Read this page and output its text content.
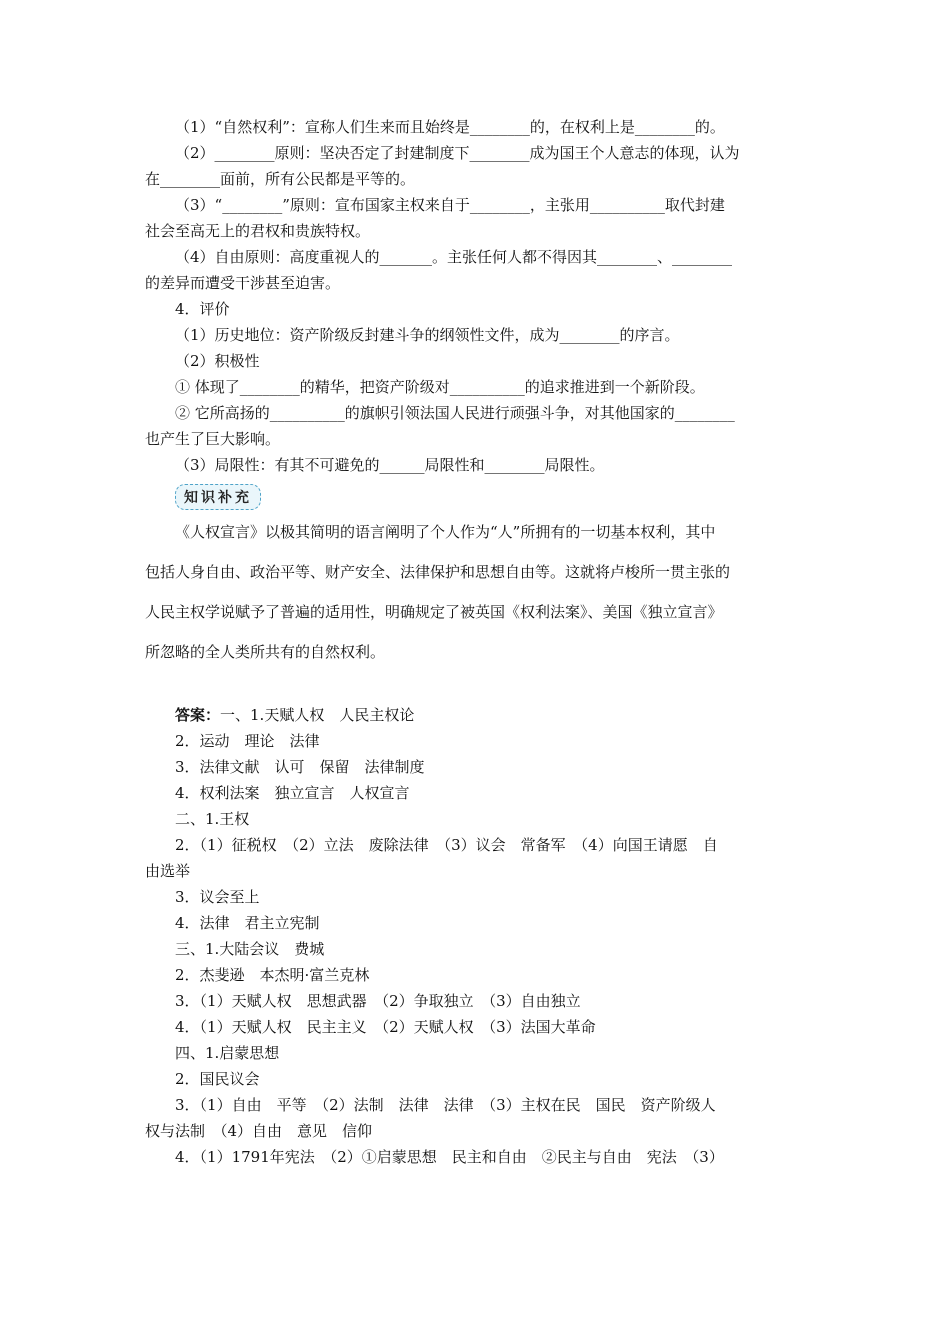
（1）“自然权利”：宣称人们生来而且始终是________的，在权利上是________的。
（2）________原则：坚决否定了封建制度下________成为国王个人意志的体现，认为
在________面前，所有公民都是平等的。
（3）“________”原则：宣布国家主权来自于________，主张用__________取代封建
社会至高无上的君权和贵族特权。
（4）自由原则：高度重视人的_______。主张任何人都不得因其________、________
的差异而遭受干涉甚至迫害。
4．评价
（1）历史地位：资产阶级反封建斗争的纲领性文件，成为________的序言。
（2）积极性
① 体现了________的精华，把资产阶级对__________的追求推进到一个新阶段。
② 它所高扬的__________的旗帜引领法国人民进行顽强斗争，对其他国家的________
也产生了巨大影响。
（3）局限性：有其不可避免的______局限性和________局限性。
知识补充
《人权宣言》以极其简明的语言阐明了个人作为“人”所拥有的一切基本权利，其中
包括人身自由、政治平等、财产安全、法律保护和思想自由等。这就将卢梭所一贯主张的
人民主权学说赋予了普遍的适用性，明确规定了被英国《权利法案》、美国《独立宣言》
所忽略的全人类所共有的自然权利。
答案：一、1.天赋人权　人民主权论
2．运动　理论　法律
3．法律文献　认可　保留　法律制度
4．权利法案　独立宣言　人权宣言
二、1.王权
2．（1）征税权　（2）立法　废除法律　（3）议会　常备军　（4）向国王请愿　自
由选举
3．议会至上
4．法律　君主立宪制
三、1.大陆会议　费城
2．杰斐逊　本杰明·富兰克林
3．（1）天赋人权　思想武器　（2）争取独立　（3）自由独立
4．（1）天赋人权　民主主义　（2）天赋人权　（3）法国大革命
四、1.启蒙思想
2．国民议会
3．（1）自由　平等　（2）法制　法律　法律　（3）主权在民　国民　资产阶级人
权与法制　（4）自由　意见　信仰
4．（1）1791年宪法　（2）①启蒙思想　民主和自由　②民主与自由　宪法　（3）
